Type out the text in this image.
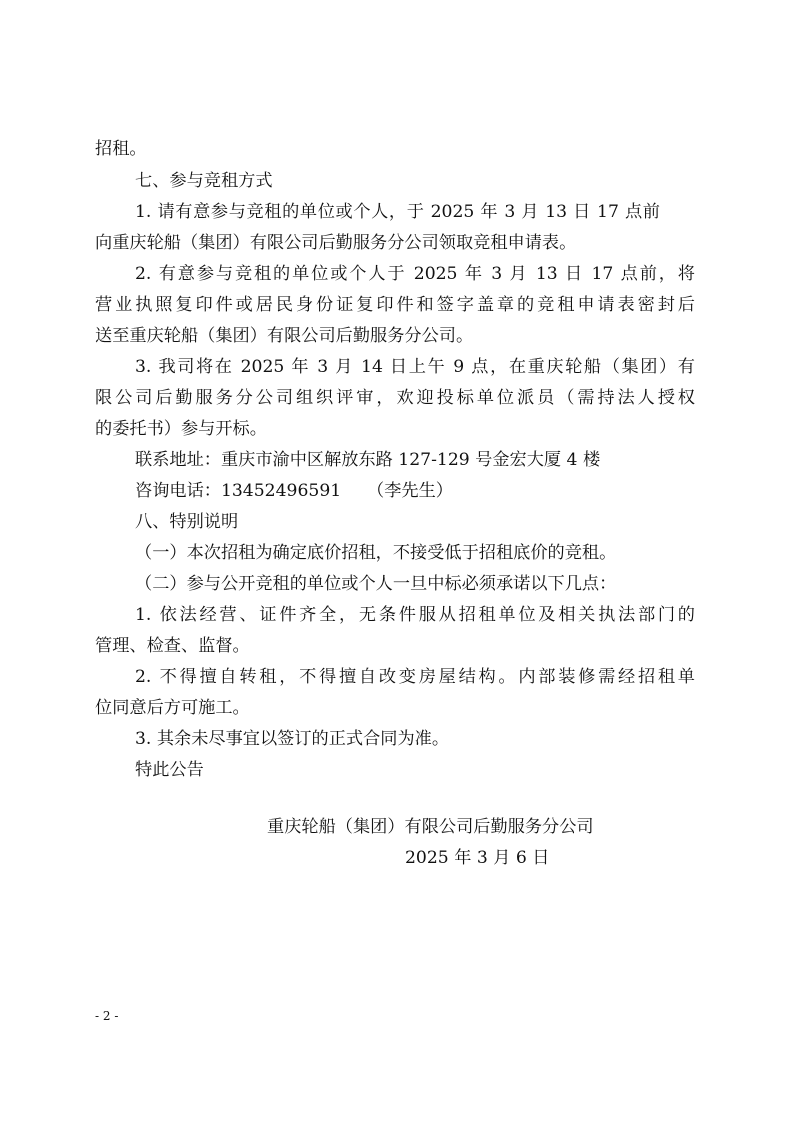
招租。
七、参与竞租方式
1. 请有意参与竞租的单位或个人，于 2025 年 3 月 13 日 17 点前
向重庆轮船（集团）有限公司后勤服务分公司领取竞租申请表。
2. 有意参与竞租的单位或个人于 2025 年 3 月 13 日 17 点前，将
营业执照复印件或居民身份证复印件和签字盖章的竞租申请表密封后
送至重庆轮船（集团）有限公司后勤服务分公司。
3. 我司将在 2025 年 3 月 14 日上午 9 点，在重庆轮船（集团）有
限公司后勤服务分公司组织评审，欢迎投标单位派员（需持法人授权
的委托书）参与开标。
联系地址：重庆市渝中区解放东路 127-129 号金宏大厦 4 楼
咨询电话：13452496591　　（李先生）
八、特别说明
（一）本次招租为确定底价招租，不接受低于招租底价的竞租。
（二）参与公开竞租的单位或个人一旦中标必须承诺以下几点：
1. 依法经营、证件齐全，无条件服从招租单位及相关执法部门的
管理、检查、监督。
2. 不得擅自转租，不得擅自改变房屋结构。内部装修需经招租单
位同意后方可施工。
3. 其余未尽事宜以签订的正式合同为准。
特此公告
重庆轮船（集团）有限公司后勤服务分公司
2025 年 3 月 6 日
- 2 -
